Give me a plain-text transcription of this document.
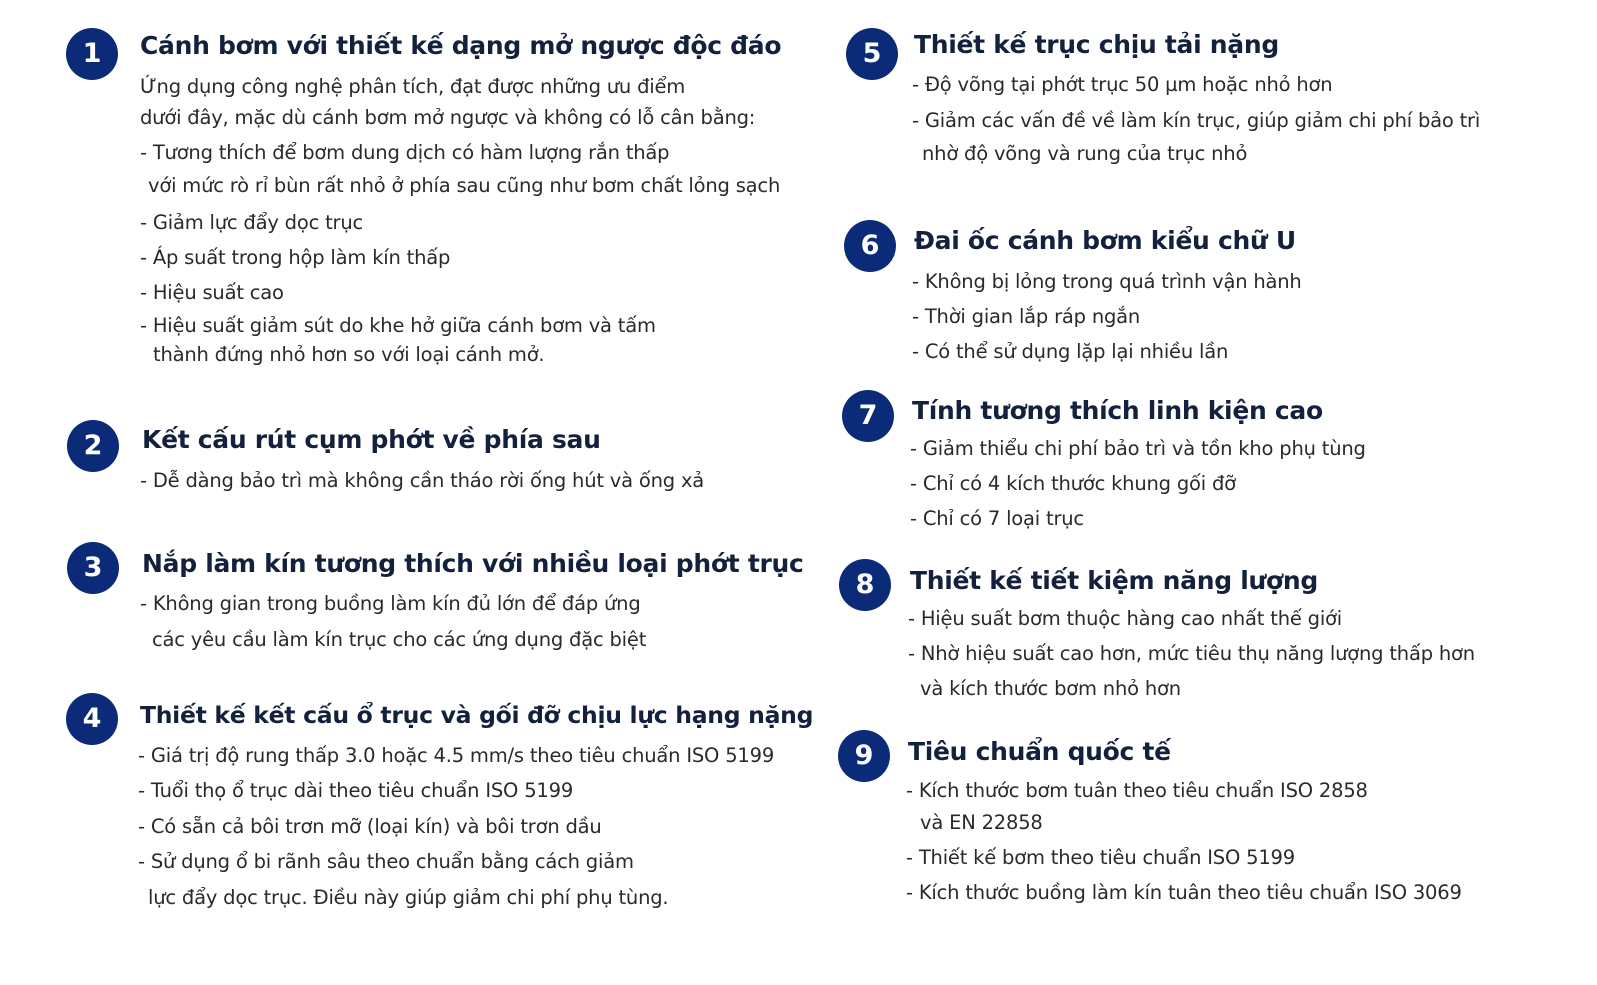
1	Cánh bơm với thiết kế dạng mở ngược độc đáo
Ứng dụng công nghệ phân tích, đạt được những ưu điểm
dưới đây, mặc dù cánh bơm mở ngược và không có lỗ cân bằng:
- Tương thích để bơm dung dịch có hàm lượng rắn thấp
với mức rò rỉ bùn rất nhỏ ở phía sau cũng như bơm chất lỏng sạch
- Giảm lực đẩy dọc trục
- Áp suất trong hộp làm kín thấp
- Hiệu suất cao
- Hiệu suất giảm sút do khe hở giữa cánh bơm và tấm
thành đứng nhỏ hơn so với loại cánh mở.
2	Kết cấu rút cụm phớt về phía sau
- Dễ dàng bảo trì mà không cần tháo rời ống hút và ống xả
3	Nắp làm kín tương thích với nhiều loại phớt trục
- Không gian trong buồng làm kín đủ lớn để đáp ứng
các yêu cầu làm kín trục cho các ứng dụng đặc biệt
4	Thiết kế kết cấu ổ trục và gối đỡ chịu lực hạng nặng
- Giá trị độ rung thấp 3.0 hoặc 4.5 mm/s theo tiêu chuẩn ISO 5199
- Tuổi thọ ổ trục dài theo tiêu chuẩn ISO 5199
- Có sẵn cả bôi trơn mỡ (loại kín) và bôi trơn dầu
- Sử dụng ổ bi rãnh sâu theo chuẩn bằng cách giảm
lực đẩy dọc trục. Điều này giúp giảm chi phí phụ tùng.
5	Thiết kế trục chịu tải nặng
- Độ võng tại phớt trục 50 µm hoặc nhỏ hơn
- Giảm các vấn đề về làm kín trục, giúp giảm chi phí bảo trì
nhờ độ võng và rung của trục nhỏ
6	Đai ốc cánh bơm kiểu chữ U
- Không bị lỏng trong quá trình vận hành
- Thời gian lắp ráp ngắn
- Có thể sử dụng lặp lại nhiều lần
7	Tính tương thích linh kiện cao
- Giảm thiểu chi phí bảo trì và tồn kho phụ tùng
- Chỉ có 4 kích thước khung gối đỡ
- Chỉ có 7 loại trục
8	Thiết kế tiết kiệm năng lượng
- Hiệu suất bơm thuộc hàng cao nhất thế giới
- Nhờ hiệu suất cao hơn, mức tiêu thụ năng lượng thấp hơn
và kích thước bơm nhỏ hơn
9	Tiêu chuẩn quốc tế
- Kích thước bơm tuân theo tiêu chuẩn ISO 2858
và EN 22858
- Thiết kế bơm theo tiêu chuẩn ISO 5199
- Kích thước buồng làm kín tuân theo tiêu chuẩn ISO 3069
